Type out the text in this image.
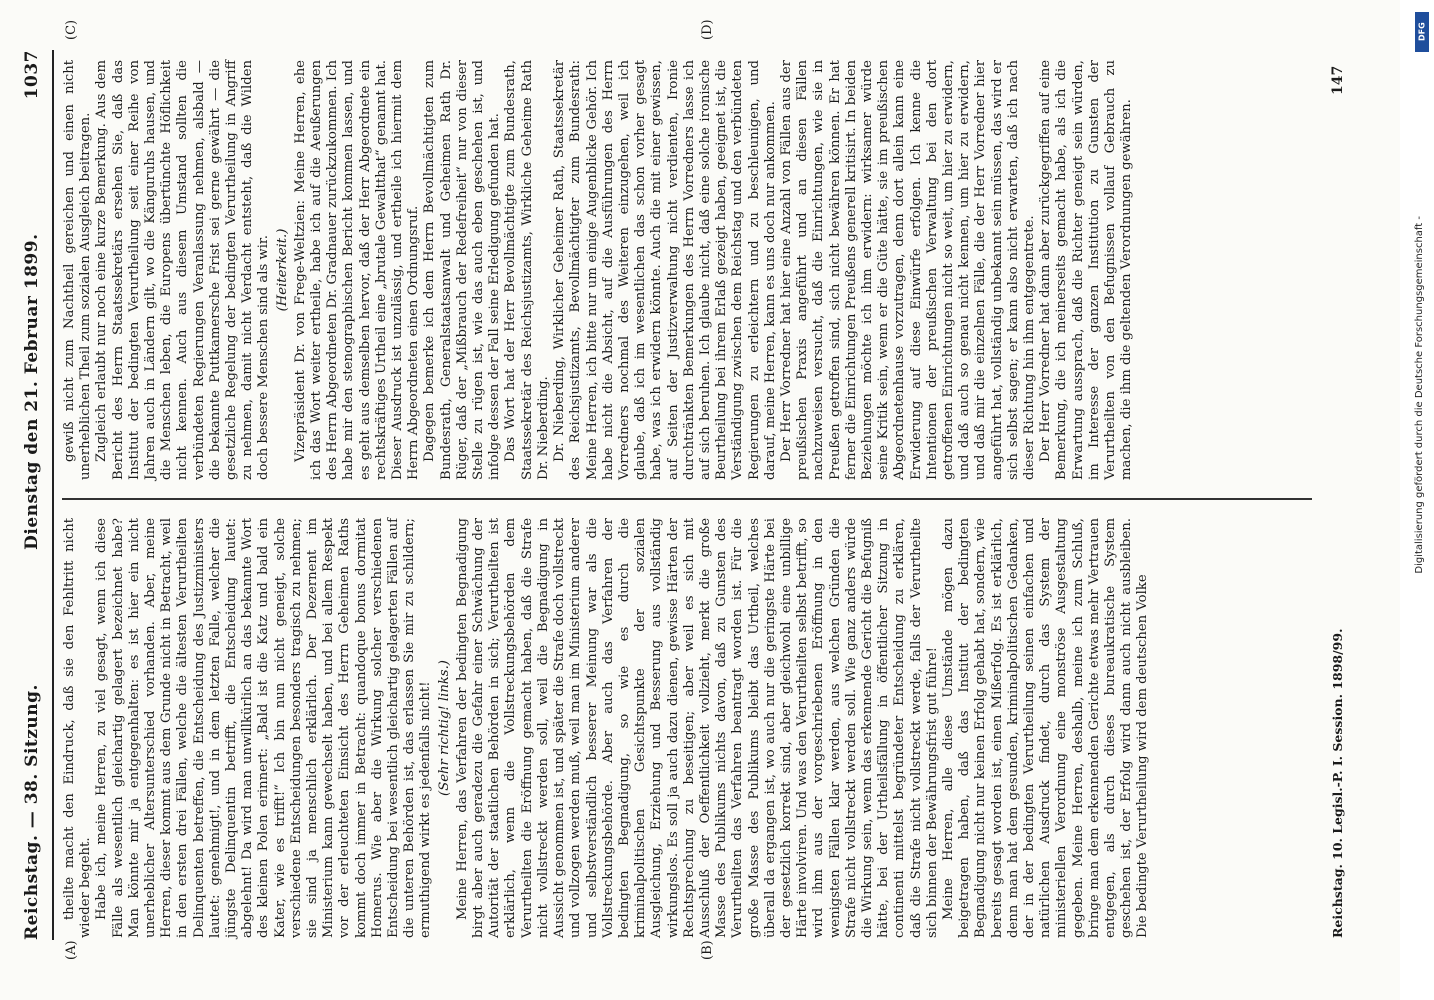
Reichstag. — 38. Sitzung.
Dienstag den 21. Februar 1899.
1037
(A)	(B)
(C)	(D)

theilte macht den Eindruck, daß sie den Fehltritt nicht wieder begeht. Habe ich, meine Herren, zu viel gesagt, wenn ich diese Fälle als wesentlich gleichartig gelagert bezeichnet habe? Man könnte mir ja entgegenhalten: es ist hier ein nicht unerheblicher Altersunterschied vorhanden. Aber, meine Herren, dieser kommt aus dem Grunde nicht in Betracht, weil in den ersten drei Fällen, welche die ältesten Verurtheilten Delinquenten betreffen, die Entscheidung des Justizministers lautet: genehmigt!, und in dem letzten Falle, welcher die jüngste Delinquentin betrifft, die Entscheidung lautet: abgelehnt! Da wird man unwillkürlich an das bekannte Wort des kleinen Polen erinnert: „Bald ist die Katz und bald ein Kater, wie es trifft!“ Ich bin nun nicht geneigt, solche verschiedene Entscheidungen besonders tragisch zu nehmen; sie sind ja menschlich erklärlich. Der Dezernent im Ministerium kann gewechselt haben, und bei allem Respekt vor der erleuchteten Einsicht des Herrn Geheimen Raths kommt doch immer in Betracht: quandoque bonus dormitat Homerus. Wie aber die Wirkung solcher verschiedenen Entscheidung bei wesentlich gleichartig gelagerten Fällen auf die unteren Behörden ist, das erlassen Sie mir zu schildern; ermuthigend wirkt es jedenfalls nicht! (Sehr richtig! links.) Meine Herren, das Verfahren der bedingten Begnadigung birgt aber auch geradezu die Gefahr einer Schwächung der Autorität der staatlichen Behörden in sich; Verurtheilten ist erklärlich, wenn die Vollstreckungsbehörden dem Verurtheilten die Eröffnung gemacht haben, daß die Strafe nicht vollstreckt werden soll, weil die Begnadigung in Aussicht genommen ist, und später die Strafe doch vollstreckt und vollzogen werden muß, weil man im Ministerium anderer und selbstverständlich besserer Meinung war als die Vollstreckungsbehörde. Aber auch das Verfahren der bedingten Begnadigung, so wie es durch die kriminalpolitischen Gesichtspunkte der sozialen Ausgleichung, Erziehung und Besserung aus vollständig wirkungslos. Es soll ja auch dazu dienen, gewisse Härten der Rechtsprechung zu beseitigen; aber weil es sich mit Ausschluß der Oeffentlichkeit vollzieht, merkt die große Masse des Publikums nichts davon, daß zu Gunsten des Verurtheilten das Verfahren beantragt worden ist. Für die große Masse des Publikums bleibt das Urtheil, welches überall da ergangen ist, wo auch nur die geringste Härte bei der gesetzlich korrekt sind, aber gleichwohl eine unbillige Härte involviren. Und was den Verurtheilten selbst betrifft, so wird ihm aus der vorgeschriebenen Eröffnung in den wenigsten Fällen klar werden, aus welchen Gründen die Strafe nicht vollstreckt werden soll. Wie ganz anders würde die Wirkung sein, wenn das erkennende Gericht die Befugniß hätte, bei der Urtheilsfällung in öffentlicher Sitzung in continenti mittelst begründeter Entscheidung zu erklären, daß die Strafe nicht vollstreckt werde, falls der Verurtheilte sich binnen der Bewährungsfrist gut führe! Meine Herren, alle diese Umstände mögen dazu beigetragen haben, daß das Institut der bedingten Begnadigung nicht nur keinen Erfolg gehabt hat, sondern, wie bereits gesagt worden ist, einen Mißerfolg. Es ist erklärlich, denn man hat dem gesunden, kriminalpolitischen Gedanken, der in der bedingten Verurtheilung seinen einfachen und natürlichen Ausdruck findet, durch das System der ministeriellen Verordnung eine monströse Ausgestaltung gegeben. Meine Herren, deshalb, meine ich zum Schluß, bringe man dem erkennenden Gerichte etwas mehr Vertrauen entgegen, als durch dieses bureaukratische System geschehen ist, der Erfolg wird dann auch nicht ausbleiben. Die bedingte Verurtheilung wird dem deutschen Volke

gewiß nicht zum Nachtheil gereichen und einen nicht unerheblichen Theil zum sozialen Ausgleich beitragen. Zugleich erlaubt nur noch eine kurze Bemerkung. Aus dem Bericht des Herrn Staatssekretärs ersehen Sie, daß das Institut der bedingten Verurtheilung seit einer Reihe von Jahren auch in Ländern gilt, wo die Känguruhs hausen, und die Menschen leben, die Europens übertünchte Höflichkeit nicht kennen. Auch aus diesem Umstand sollten die verbündeten Regierungen Veranlassung nehmen, alsbald — die bekannte Puttkamersche Frist sei gerne gewährt — die gesetzliche Regelung der bedingten Verurtheilung in Angriff zu nehmen, damit nicht Verdacht entsteht, daß die Wilden doch bessere Menschen sind als wir. (Heiterkeit.) Vizepräsident Dr. von Frege-Weltzien: Meine Herren, ehe ich das Wort weiter ertheile, habe ich auf die Aeußerungen des Herrn Abgeordneten Dr. Gradnauer zurückzukommen. Ich habe mir den stenographischen Bericht kommen lassen, und es geht aus demselben hervor, daß der Herr Abgeordnete ein rechtskräftiges Urtheil eine „brutale Gewaltthat“ genannt hat. Dieser Ausdruck ist unzulässig, und ertheile ich hiermit dem Herrn Abgeordneten einen Ordnungsruf. Dagegen bemerke ich dem Herrn Bevollmächtigten zum Bundesrath, Generalstaatsanwalt und Geheimen Rath Dr. Rüger, daß der „Mißbrauch der Redefreiheit“ nur von dieser Stelle zu rügen ist, wie das auch eben geschehen ist, und infolge dessen der Fall seine Erledigung gefunden hat. Das Wort hat der Herr Bevollmächtigte zum Bundesrath, Staatssekretär des Reichsjustizamts, Wirkliche Geheime Rath Dr. Nieberding. Dr. Nieberding, Wirklicher Geheimer Rath, Staatssekretär des Reichsjustizamts, Bevollmächtigter zum Bundesrath: Meine Herren, ich bitte nur um einige Augenblicke Gehör. Ich habe nicht die Absicht, auf die Ausführungen des Herrn Vorredners nochmal des Weiteren einzugehen, weil ich glaube, daß ich im wesentlichen das schon vorher gesagt habe, was ich erwidern könnte. Auch die mit einer gewissen, auf Seiten der Justizverwaltung nicht verdienten, Ironie durchtränkten Bemerkungen des Herrn Vorredners lasse ich auf sich beruhen. Ich glaube nicht, daß eine solche ironische Beurtheilung bei ihrem Erlaß gezeigt haben, geeignet ist, die Verständigung zwischen dem Reichstag und den verbündeten Regierungen zu erleichtern und zu beschleunigen, und darauf, meine Herren, kann es uns doch nur ankommen. Der Herr Vorredner hat hier eine Anzahl von Fällen aus der preußischen Praxis angeführt und an diesen Fällen nachzuweisen versucht, daß die Einrichtungen, wie sie in Preußen getroffen sind, sich nicht bewähren können. Er hat ferner die Einrichtungen Preußens generell kritisirt. In beiden Beziehungen möchte ich ihm erwidern: wirksamer würde seine Kritik sein, wenn er die Güte hätte, sie im preußischen Abgeordnetenhause vorzutragen, denn dort allein kann eine Erwiderung auf diese Einwürfe erfolgen. Ich kenne die Intentionen der preußischen Verwaltung bei den dort getroffenen Einrichtungen nicht so weit, um hier zu erwidern, und daß auch so genau nicht kennen, um hier zu erwidern, und daß mir die einzelnen Fälle, die der Herr Vorredner hier angeführt hat, vollständig unbekannt sein müssen, das wird er sich selbst sagen; er kann also nicht erwarten, daß ich nach dieser Richtung hin ihm entgegentrete. Der Herr Vorredner hat dann aber zurückgegriffen auf eine Bemerkung, die ich meinerseits gemacht habe, als ich die Erwartung aussprach, daß die Richter geneigt sein würden, im Interesse der ganzen Institution zu Gunsten der Verurtheilten von den Befugnissen vollauf Gebrauch zu machen, die ihm die geltenden Verordnungen gewähren.

Reichstag. 10. Legisl.-P. I. Session. 1898/99.
147
DFG
Digitalisierung gefördert durch die Deutsche Forschungsgemeinschaft -
